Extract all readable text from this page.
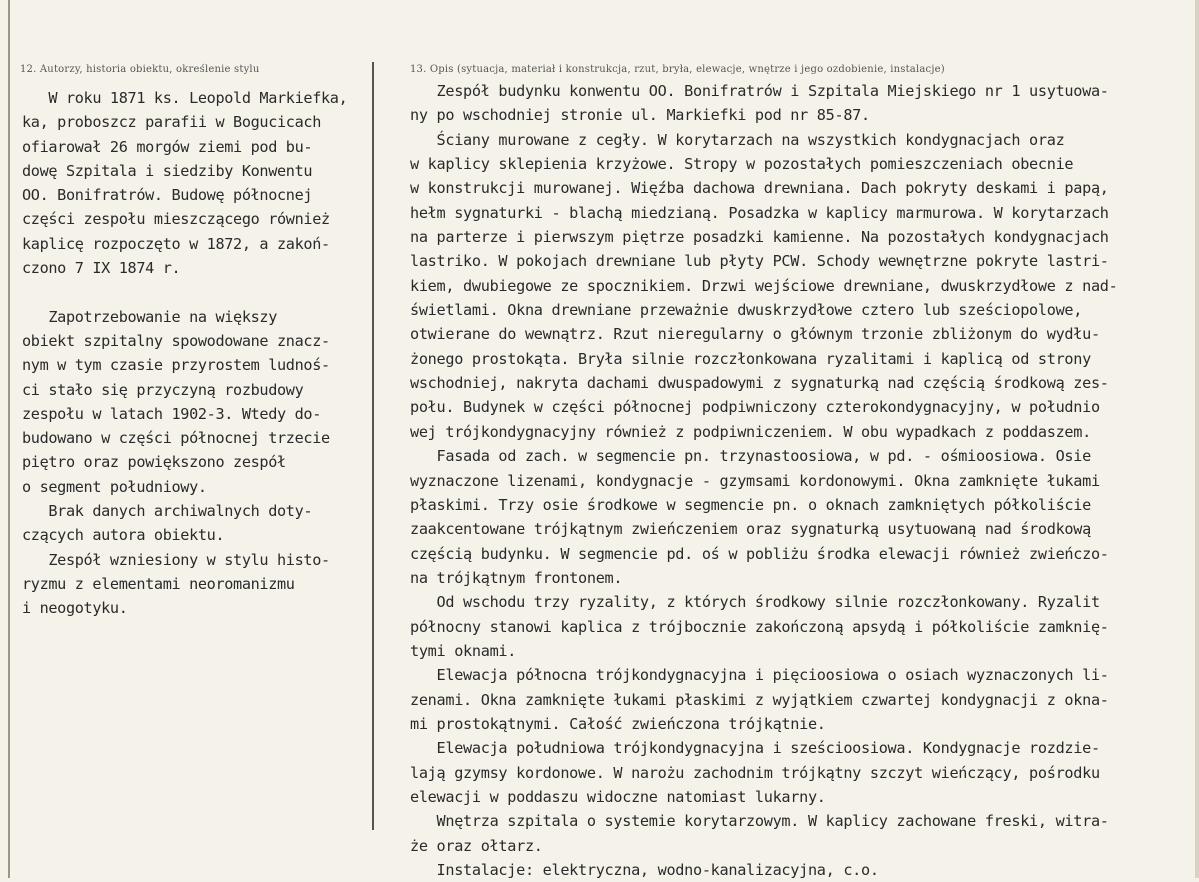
12. Autorzy, historia obiektu, określenie stylu	13. Opis (sytuacja, materiał i konstrukcja, rzut, bryła, elewacje, wnętrze i jego ozdobienie, instalacje)
W roku 1871 ks. Leopold Markiefka,
ka, proboszcz parafii w Bogucicach
ofiarował 26 morgów ziemi pod bu-
dowę Szpitala i siedziby Konwentu
OO. Bonifratrów. Budowę północnej
części zespołu mieszczącego również
kaplicę rozpoczęto w 1872, a zakoń-
czono 7 IX 1874 r.
Zapotrzebowanie na większy
obiekt szpitalny spowodowane znacz-
nym w tym czasie przyrostem ludnoś-
ci stało się przyczyną rozbudowy
zespołu w latach 1902-3. Wtedy do-
budowano w części północnej trzecie
piętro oraz powiększono zespół
o segment południowy.
Brak danych archiwalnych doty-
czących autora obiektu.
Zespół wzniesiony w stylu histo-
ryzmu z elementami neoromanizmu
i neogotyku.
Zespół budynku konwentu OO. Bonifratrów i Szpitala Miejskiego nr 1 usytuowa-
ny po wschodniej stronie ul. Markiefki pod nr 85-87.
Ściany murowane z cegły. W korytarzach na wszystkich kondygnacjach oraz
w kaplicy sklepienia krzyżowe. Stropy w pozostałych pomieszczeniach obecnie
w konstrukcji murowanej. Więźba dachowa drewniana. Dach pokryty deskami i papą,
hełm sygnaturki - blachą miedzianą. Posadzka w kaplicy marmurowa. W korytarzach
na parterze i pierwszym piętrze posadzki kamienne. Na pozostałych kondygnacjach
lastriko. W pokojach drewniane lub płyty PCW. Schody wewnętrzne pokryte lastri-
kiem, dwubiegowe ze spocznikiem. Drzwi wejściowe drewniane, dwuskrzydłowe z nad-
świetlami. Okna drewniane przeważnie dwuskrzydłowe cztero lub sześciopolowe,
otwierane do wewnątrz. Rzut nieregularny o głównym trzonie zbliżonym do wydłu-
żonego prostokąta. Bryła silnie rozczłonkowana ryzalitami i kaplicą od strony
wschodniej, nakryta dachami dwuspadowymi z sygnaturką nad częścią środkową zes-
połu. Budynek w części północnej podpiwniczony czterokondygnacyjny, w południo
wej trójkondygnacyjny również z podpiwniczeniem. W obu wypadkach z poddaszem.
Fasada od zach. w segmencie pn. trzynastoosiowa, w pd. - ośmioosiowa. Osie
wyznaczone lizenami, kondygnacje - gzymsami kordonowymi. Okna zamknięte łukami
płaskimi. Trzy osie środkowe w segmencie pn. o oknach zamkniętych półkoliście
zaakcentowane trójkątnym zwieńczeniem oraz sygnaturką usytuowaną nad środkową
częścią budynku. W segmencie pd. oś w pobliżu środka elewacji również zwieńczo-
na trójkątnym frontonem.
Od wschodu trzy ryzality, z których środkowy silnie rozczłonkowany. Ryzalit
północny stanowi kaplica z trójbocznie zakończoną apsydą i półkoliście zamknię-
tymi oknami.
Elewacja północna trójkondygnacyjna i pięcioosiowa o osiach wyznaczonych li-
zenami. Okna zamknięte łukami płaskimi z wyjątkiem czwartej kondygnacji z okna-
mi prostokątnymi. Całość zwieńczona trójkątnie.
Elewacja południowa trójkondygnacyjna i sześcioosiowa. Kondygnacje rozdzie-
lają gzymsy kordonowe. W narożu zachodnim trójkątny szczyt wieńczący, pośrodku
elewacji w poddaszu widoczne natomiast lukarny.
Wnętrza szpitala o systemie korytarzowym. W kaplicy zachowane freski, witra-
że oraz ołtarz.
Instalacje: elektryczna, wodno-kanalizacyjna, c.o.
